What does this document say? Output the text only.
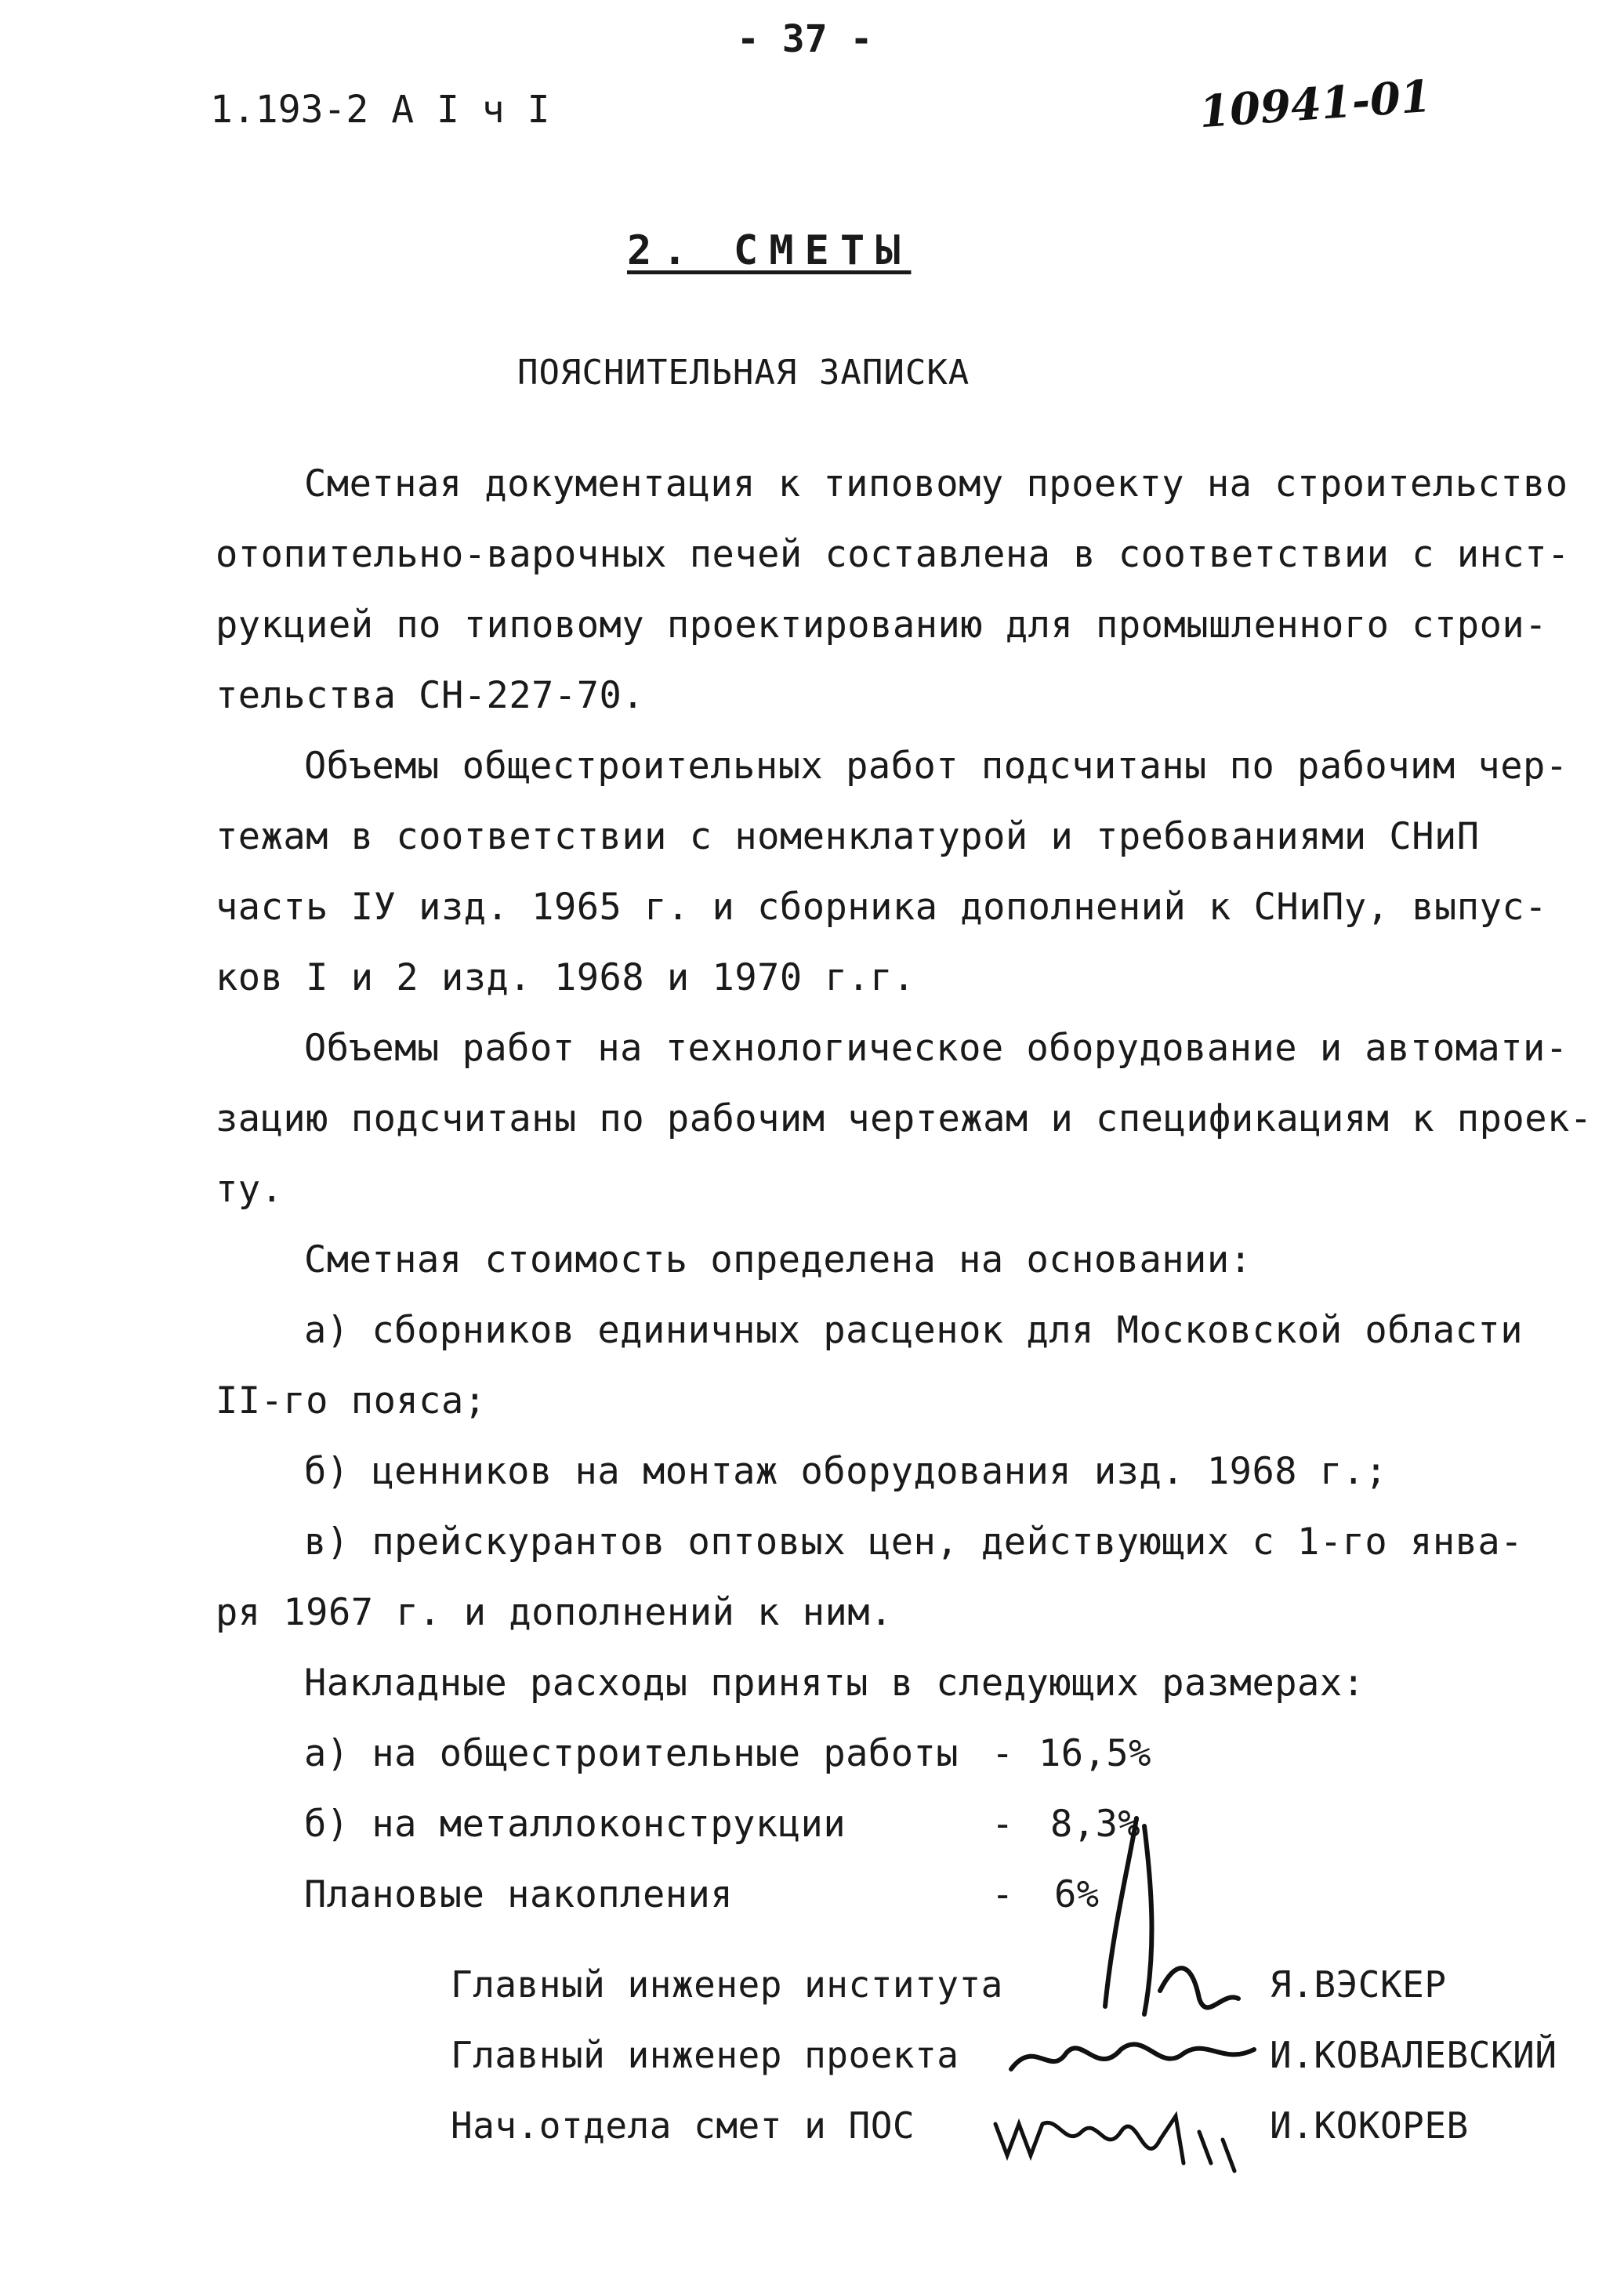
- 37 -
1.193-2 А I ч I	10941-01
2. СМЕТЫ
ПОЯСНИТЕЛЬНАЯ ЗАПИСКА
Сметная документация к типовому проекту на строительство
отопительно-варочных печей составлена в соответствии с инст-
рукцией по типовому проектированию для промышленного строи-
тельства СН-227-70.
Объемы общестроительных работ подсчитаны по рабочим чер-
тежам в соответствии с номенклатурой и требованиями СНиП
часть IУ изд. 1965 г. и сборника дополнений к СНиПу, выпус-
ков I и 2 изд. 1968 и 1970 г.г.
Объемы работ на технологическое оборудование и автомати-
зацию подсчитаны по рабочим чертежам и спецификациям к проек-
ту.
Сметная стоимость определена на основании:
а) сборников единичных расценок для Московской области
II-го пояса;
б) ценников на монтаж оборудования изд. 1968 г.;
в) прейскурантов оптовых цен, действующих с 1-го янва-
ря 1967 г. и дополнений к ним.
Накладные расходы приняты в следующих размерах:
а) на общестроительные работы - 16,5%
б) на металлоконструкции	- 8,3%
Плановые накопления	- 6%
Главный инженер института	Я.ВЭСКЕР
Главный инженер проекта	И.КОВАЛЕВСКИЙ
Нач.отдела смет и ПОС	И.КОКОРЕВ
